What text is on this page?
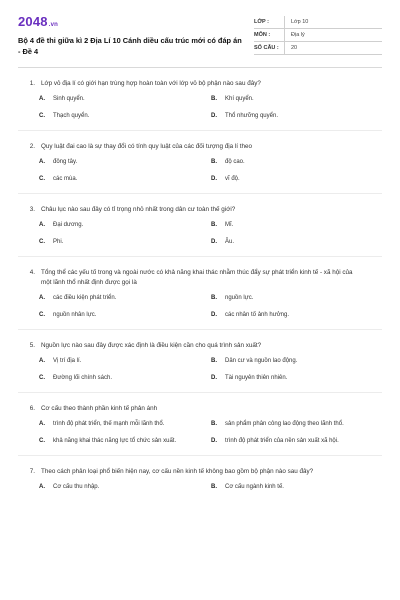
2048 .vn
Bộ 4 đề thi giữa kì 2 Địa Lí 10 Cánh diều cấu trúc mới có đáp án - Đề 4
LỚP :	Lớp 10
MÔN :	Địa lý
SỐ CÂU :	20
1. Lớp vỏ địa lí có giới hạn trùng hợp hoàn toàn với lớp vỏ bộ phận nào sau đây?
A.	Sinh quyển.	B.	Khí quyển.
C.	Thạch quyển.	D.	Thổ nhưỡng quyển.
2. Quy luật đai cao là sự thay đổi có tính quy luật của các đối tượng địa lí theo
A.	đông tây.	B.	độ cao.
C.	các mùa.	D.	vĩ độ.
3. Châu lục nào sau đây có tỉ trọng nhỏ nhất trong dân cư toàn thế giới?
A.	Đại dương.	B.	Mĩ.
C.	Phi.	D.	Âu.
4. Tổng thể các yếu tố trong và ngoài nước có khả năng khai thác nhằm thúc đẩy sự phát triển kinh tế - xã hội của một lãnh thổ nhất định được gọi là
A.	các điều kiện phát triển.	B.	nguồn lực.
C.	nguồn nhân lực.	D.	các nhân tố ảnh hưởng.
5. Nguồn lực nào sau đây được xác định là điều kiện cần cho quá trình sản xuất?
A.	Vị trí địa lí.	B.	Dân cư và nguồn lao động.
C.	Đường lối chính sách.	D.	Tài nguyên thiên nhiên.
6. Cơ cấu theo thành phần kinh tế phản ánh
A.	trình độ phát triển, thế mạnh mỗi lãnh thổ.	B.	sản phẩm phân công lao động theo lãnh thổ.
C.	khả năng khai thác năng lực tổ chức sản xuất.	D.	trình độ phát triển của nền sản xuất xã hội.
7. Theo cách phân loại phổ biến hiện nay, cơ cấu nền kinh tế không bao gồm bộ phận nào sau đây?
A.	Cơ cấu thu nhập.	B.	Cơ cấu ngành kinh tế.
